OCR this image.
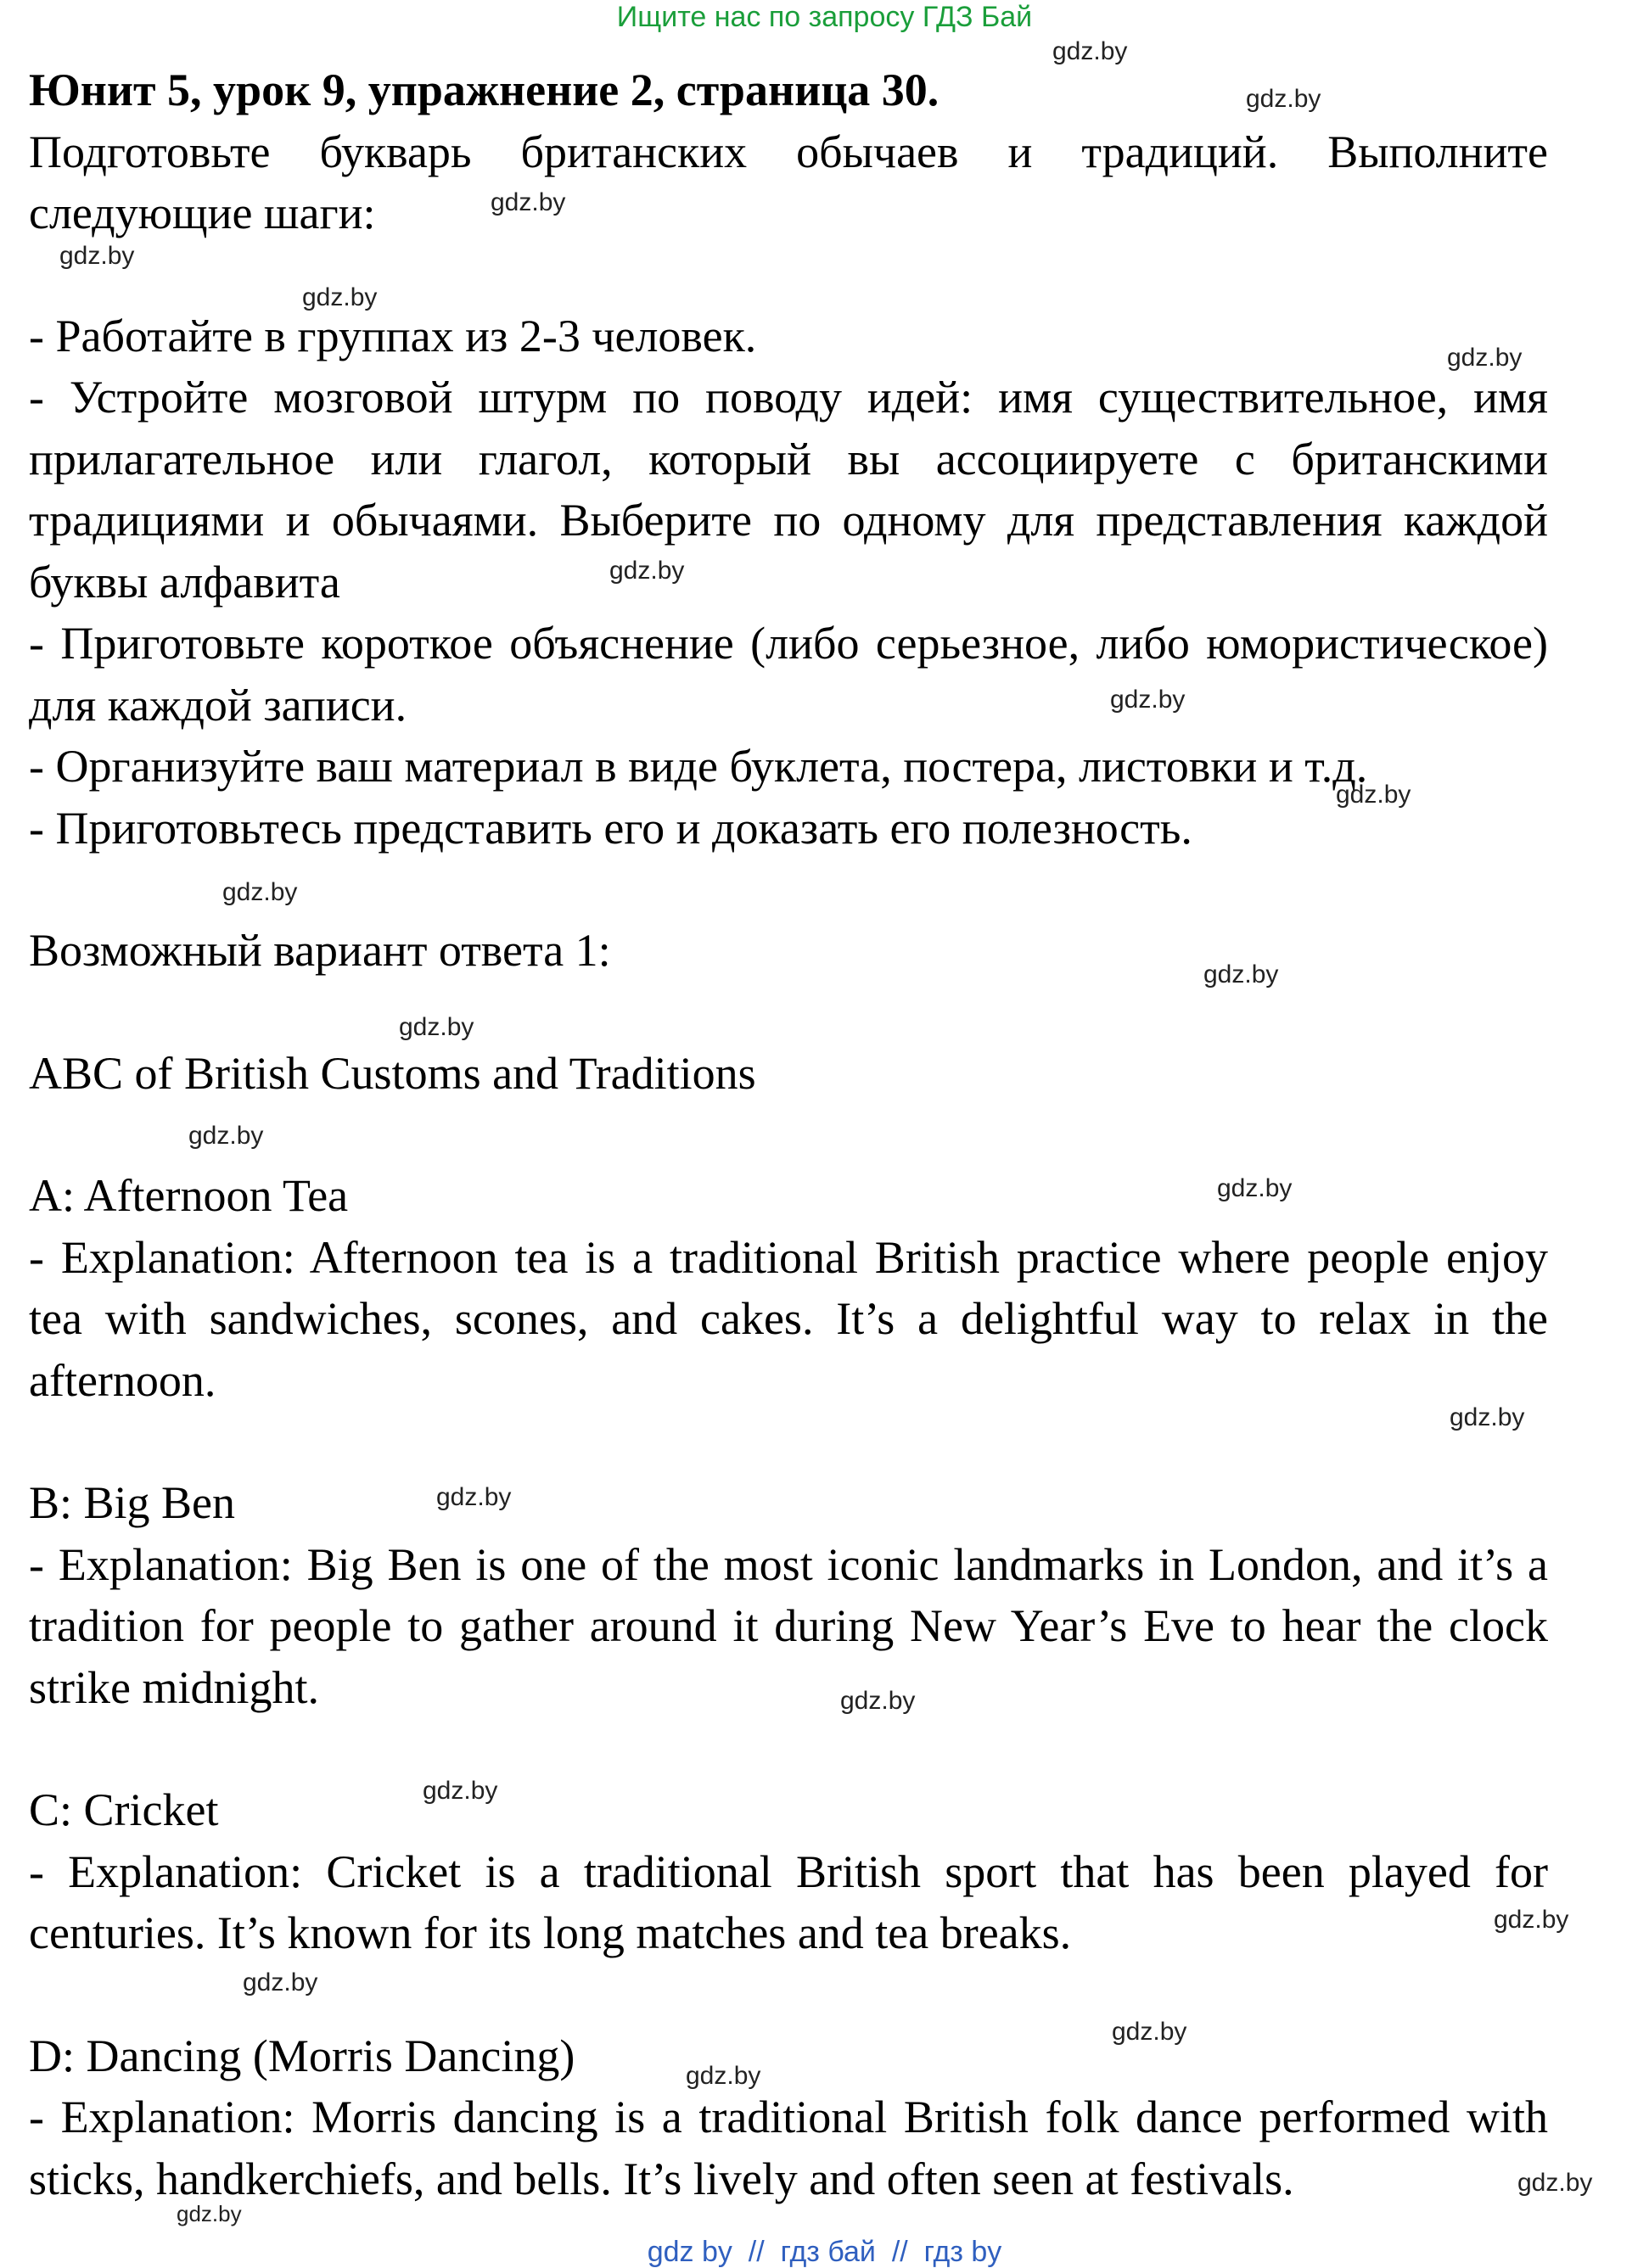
Ищите нас по запросу ГДЗ Бай

Юнит 5, урок 9, упражнение 2, страница 30.

Подготовьте букварь британских обычаев и традиций. Выполните следующие шаги:

- Работайте в группах из 2-3 человек.

- Устройте мозговой штурм по поводу идей: имя существительное, имя прилагательное или глагол, который вы ассоциируете с британскими традициями и обычаями. Выберите по одному для представления каждой буквы алфавита

- Приготовьте короткое объяснение (либо серьезное, либо юмористическое) для каждой записи.

- Организуйте ваш материал в виде буклета, постера, листовки и т.д.

- Приготовьтесь представить его и доказать его полезность.

Возможный вариант ответа 1:

ABC of British Customs and Traditions

A: Afternoon Tea

- Explanation: Afternoon tea is a traditional British practice where people enjoy tea with sandwiches, scones, and cakes. It’s a delightful way to relax in the afternoon.

B: Big Ben

- Explanation: Big Ben is one of the most iconic landmarks in London, and it’s a tradition for people to gather around it during New Year’s Eve to hear the clock strike midnight.

C: Cricket

- Explanation: Cricket is a traditional British sport that has been played for centuries. It’s known for its long matches and tea breaks.

D: Dancing (Morris Dancing)

- Explanation: Morris dancing is a traditional British folk dance performed with sticks, handkerchiefs, and bells. It’s lively and often seen at festivals.

gdz.by
gdz.by
gdz.by
gdz.by
gdz.by
gdz.by
gdz.by
gdz.by
gdz.by
gdz.by
gdz.by
gdz.by
gdz.by
gdz.by
gdz.by
gdz.by
gdz.by
gdz.by
gdz.by
gdz.by
gdz.by
gdz.by
gdz.by
gdz.by
gdz by  //  гдз бай  //  гдз by
